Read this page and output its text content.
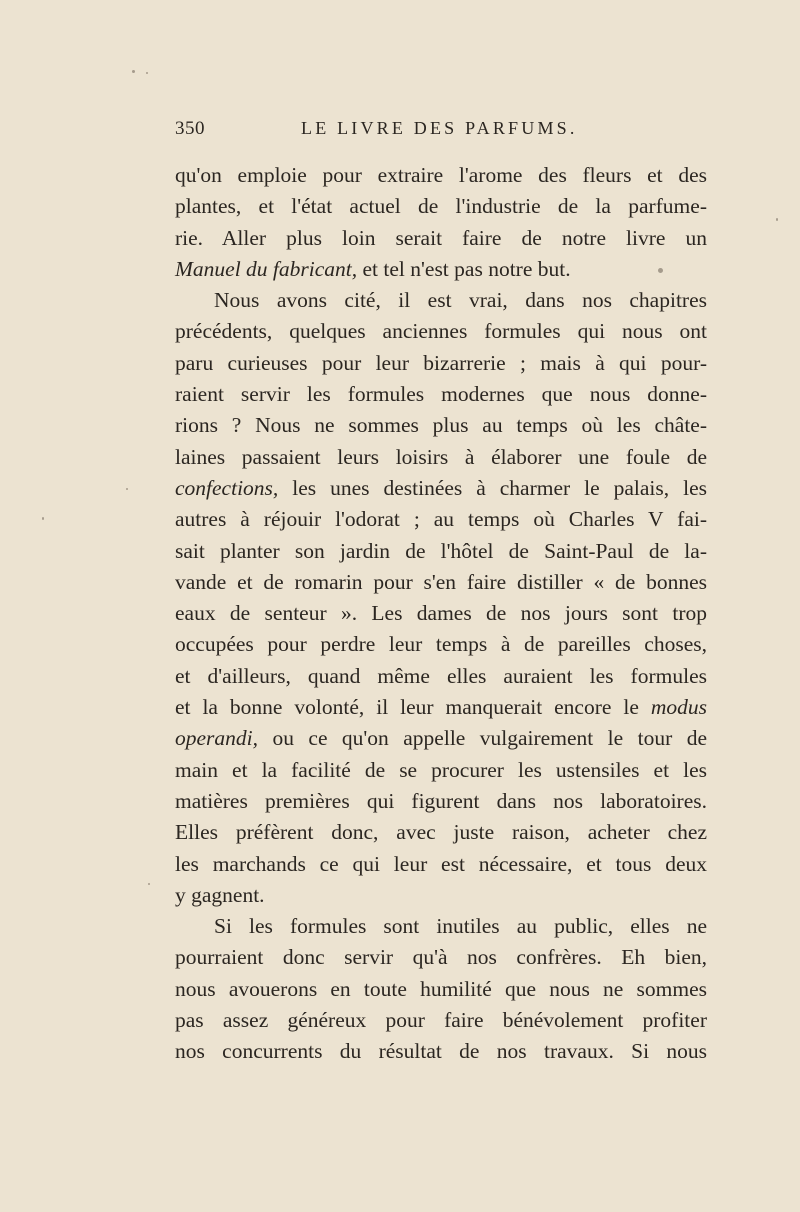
350	LE LIVRE DES PARFUMS.
qu'on emploie pour extraire l'arome des fleurs et des
plantes, et l'état actuel de l'industrie de la parfume-
rie. Aller plus loin serait faire de notre livre un
Manuel du fabricant, et tel n'est pas notre but.
Nous avons cité, il est vrai, dans nos chapitres
précédents, quelques anciennes formules qui nous ont
paru curieuses pour leur bizarrerie ; mais à qui pour-
raient servir les formules modernes que nous donne-
rions ? Nous ne sommes plus au temps où les châte-
laines passaient leurs loisirs à élaborer une foule de
confections, les unes destinées à charmer le palais, les
autres à réjouir l'odorat ; au temps où Charles V fai-
sait planter son jardin de l'hôtel de Saint-Paul de la-
vande et de romarin pour s'en faire distiller « de bonnes
eaux de senteur ». Les dames de nos jours sont trop
occupées pour perdre leur temps à de pareilles choses,
et d'ailleurs, quand même elles auraient les formules
et la bonne volonté, il leur manquerait encore le modus
operandi, ou ce qu'on appelle vulgairement le tour de
main et la facilité de se procurer les ustensiles et les
matières premières qui figurent dans nos laboratoires.
Elles préfèrent donc, avec juste raison, acheter chez
les marchands ce qui leur est nécessaire, et tous deux
y gagnent.
Si les formules sont inutiles au public, elles ne
pourraient donc servir qu'à nos confrères. Eh bien,
nous avouerons en toute humilité que nous ne sommes
pas assez généreux pour faire bénévolement profiter
nos concurrents du résultat de nos travaux. Si nous
